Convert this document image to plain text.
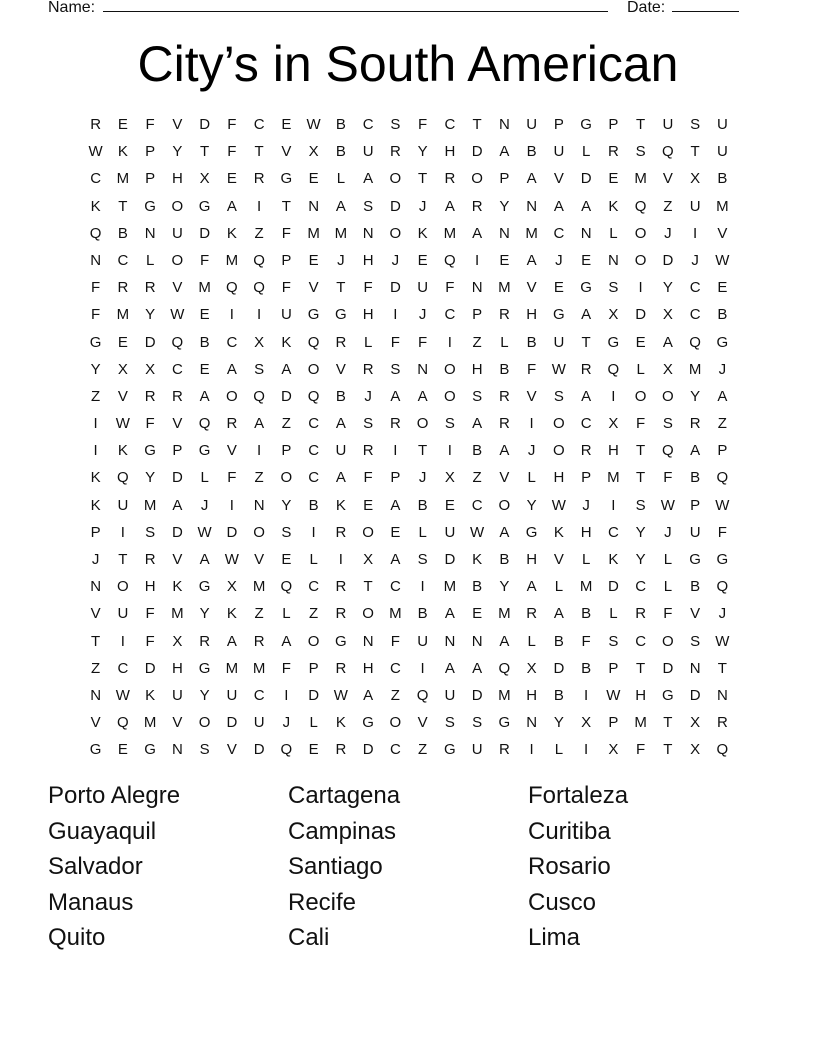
Name:	Date:
City’s in South American
R	E	F	V	D	F	C	E	W	B	C	S	F	C	T	N	U	P	G	P	T	U	S	U
W	K	P	Y	T	F	T	V	X	B	U	R	Y	H	D	A	B	U	L	R	S	Q	T	U
C	M	P	H	X	E	R	G	E	L	A	O	T	R	O	P	A	V	D	E	M	V	X	B
K	T	G	O	G	A	I	T	N	A	S	D	J	A	R	Y	N	A	A	K	Q	Z	U	M
Q	B	N	U	D	K	Z	F	M M	N	O	K	M	A	N	M	C	N	L	O	J	I	V
N	C	L	O	F	M	Q	P	E	J	H	J	E	Q	I	E	A	J	E	N	O	D	J	W
F	R	R	V	M	Q	Q	F	V	T	F	D	U	F	N	M	V	E	G	S	I	Y	C	E
F	M	Y	W	E	I	I	U	G	G	H	I	J	C	P	R	H	G	A	X	D	X	C	B
G	E	D	Q	B	C	X	K	Q	R	L	F	F	I	Z	L	B	U	T	G	E	A	Q	G
Y	X	X	C	E	A	S	A	O	V	R	S	N	O	H	B	F	W R	Q	L	X	M	J
Z	V	R	R	A	O	Q	D	Q	B	J	A	A	O	S	R	V	S	A	I	O	O	Y	A
I	W	F	V	Q	R	A	Z	C	A	S	R	O	S	A	R	I	O	C	X	F	S	R	Z
I	K	G	P	G	V	I	P	C	U	R	I	T	I	B	A	J	O	R	H	T	Q	A	P
K	Q	Y	D	L	F	Z	O	C	A	F	P	J	X	Z	V	L	H	P	M	T	F	B	Q
K	U	M	A	J	I	N	Y	B	K	E	A	B	E	C	O	Y	W	J	I	S	W	P	W
P	I	S	D W D	O	S	I	R	O	E	L	U W	A	G	K	H	C	Y	J	U	F
J	T	R	V	A	W	V	E	L	I	X	A	S	D	K	B	H	V	L	K	Y	L	G	G
N	O	H	K	G	X	M	Q	C	R	T	C	I	M	B	Y	A	L	M	D	C	L	B	Q
V	U	F	M	Y	K	Z	L	Z	R	O	M	B	A	E	M	R	A	B	L	R	F	V	J
T	I	F	X	R	A	R	A	O	G	N	F	U	N	N	A	L	B	F	S	C	O	S	W
Z	C	D	H	G	M M	F	P	R	H	C	I	A	A	Q	X	D	B	P	T	D	N	T
N W	K	U	Y	U	C	I	D W	A	Z	Q	U	D	M	H	B	I	W H	G	D	N
V	Q	M	V	O	D	U	J	L	K	G	O	V	S	S	G	N	Y	X	P	M	T	X	R
G	E	G	N	S	V	D	Q	E	R	D	C	Z	G	U	R	I	L	I	X	F	T	X	Q
Porto Alegre	Cartagena	Fortaleza
Guayaquil	Campinas	Curitiba
Salvador	Santiago	Rosario
Manaus	Recife	Cusco
Quito	Cali	Lima
